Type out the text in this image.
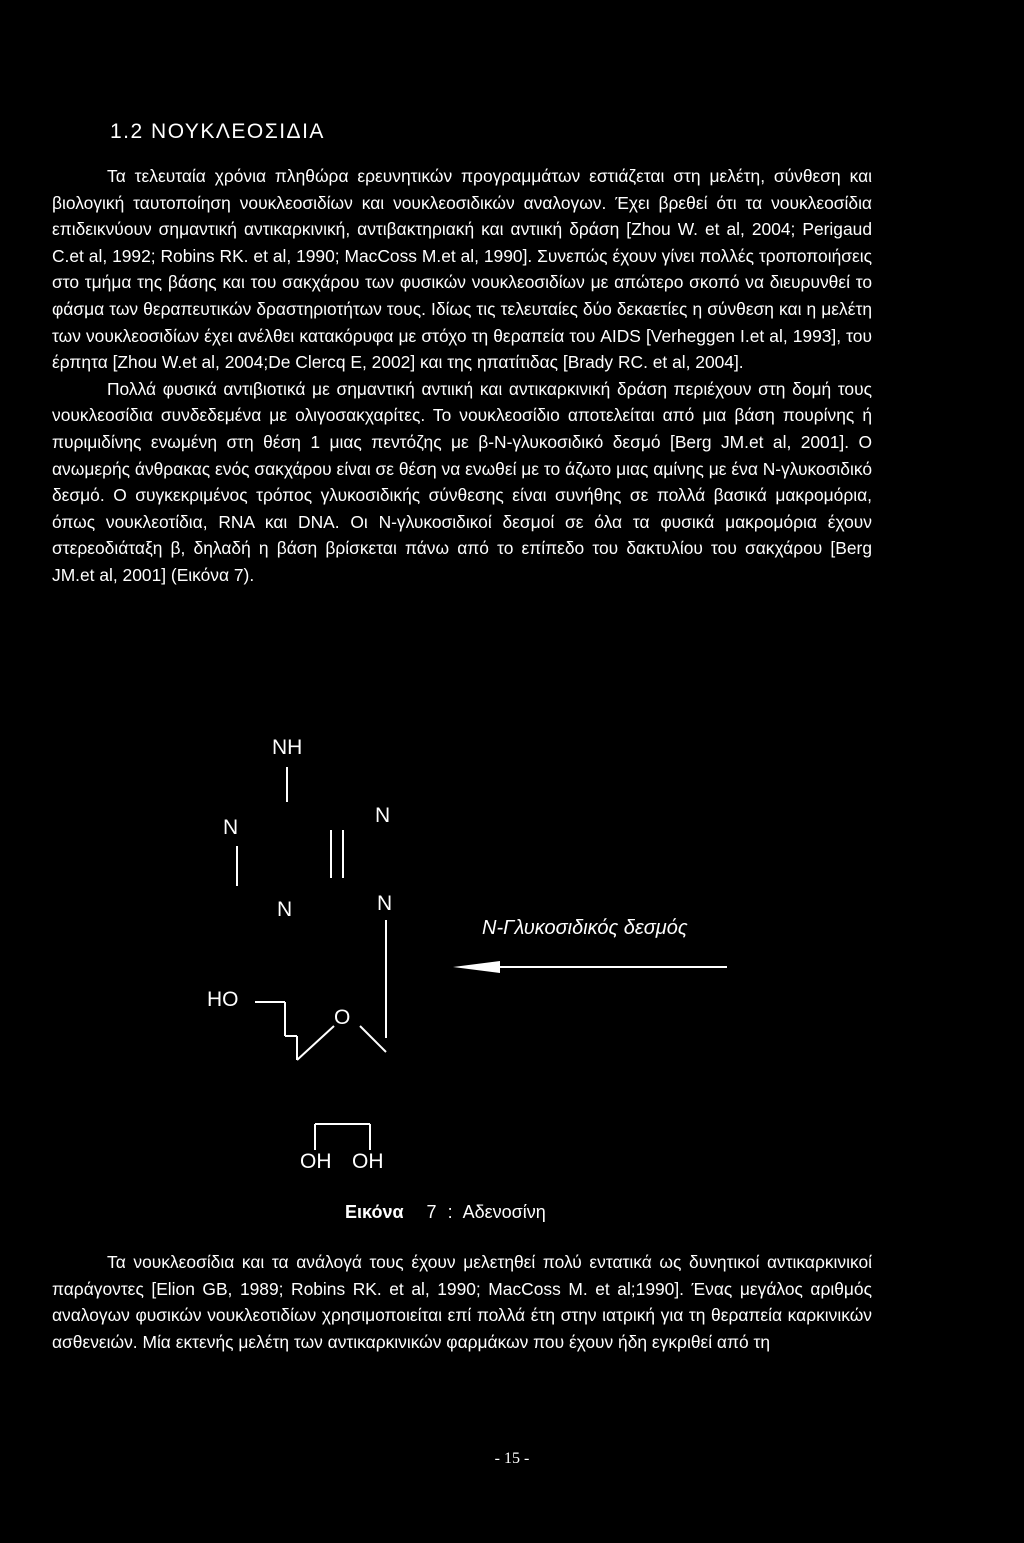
1.2 ΝΟΥΚΛΕΟΣΙΔΙΑ

Τα τελευταία χρόνια πληθώρα ερευνητικών προγραμμάτων εστιάζεται στη μελέτη, σύνθεση και βιολογική ταυτοποίηση νουκλεοσιδίων και νουκλεοσιδικών αναλογων. Έχει βρεθεί ότι τα νουκλεοσίδια επιδεικνύουν σημαντική αντικαρκινική, αντιβακτηριακή και αντιική δράση [Zhou W. et al, 2004; Perigaud C.et al, 1992; Robins RK. et al, 1990; MacCoss M.et al, 1990]. Συνεπώς έχουν γίνει πολλές τροποποιήσεις στο τμήμα της βάσης και του σακχάρου των φυσικών νουκλεοσιδίων με απώτερο σκοπό να διευρυνθεί το φάσμα των θεραπευτικών δραστηριοτήτων τους. Ιδίως τις τελευταίες δύο δεκαετίες η σύνθεση και η μελέτη των νουκλεοσιδίων έχει ανέλθει κατακόρυφα με στόχο τη θεραπεία του AIDS [Verheggen I.et al, 1993], του έρπητα [Zhou W.et al, 2004;De Clercq E, 2002] και της ηπατίτιδας [Brady RC. et al, 2004].

Πολλά φυσικά αντιβιοτικά με σημαντική αντιική και αντικαρκινική δράση περιέχουν στη δομή τους νουκλεοσίδια συνδεδεμένα με ολιγοσακχαρίτες. Το νουκλεοσίδιο αποτελείται από μια βάση πουρίνης ή πυριμιδίνης ενωμένη στη θέση 1 μιας πεντόζης με β-Ν-γλυκοσιδικό δεσμό [Berg JM.et al, 2001]. Ο ανωμερής άνθρακας ενός σακχάρου είναι σε θέση να ενωθεί με το άζωτο μιας αμίνης με ένα Ν-γλυκοσιδικό δεσμό. Ο συγκεκριμένος τρόπος γλυκοσιδικής σύνθεσης είναι συνήθης σε πολλά βασικά μακρομόρια, όπως νουκλεοτίδια, RNA και DNA. Οι Ν-γλυκοσιδικοί δεσμοί σε όλα τα φυσικά μακρομόρια έχουν στερεοδιάταξη β, δηλαδή η βάση βρίσκεται πάνω από το επίπεδο του δακτυλίου του σακχάρου [Berg JM.et al, 2001] (Εικόνα 7).

NH
N
N
N	N
HO
O
OH OH
Ν-Γλυκοσιδικός δεσμός
Εικόνα 7 : Αδενοσίνη

Τα νουκλεοσίδια και τα ανάλογά τους έχουν μελετηθεί πολύ εντατικά ως δυνητικοί αντικαρκινικοί παράγοντες [Elion GB, 1989; Robins RK. et al, 1990; MacCoss M. et al;1990]. Ένας μεγάλος αριθμός αναλογων φυσικών νουκλεοτιδίων χρησιμοποιείται επί πολλά έτη στην ιατρική για τη θεραπεία καρκινικών ασθενειών. Μία εκτενής μελέτη των αντικαρκινικών φαρμάκων που έχουν ήδη εγκριθεί από τη

- 15 -
